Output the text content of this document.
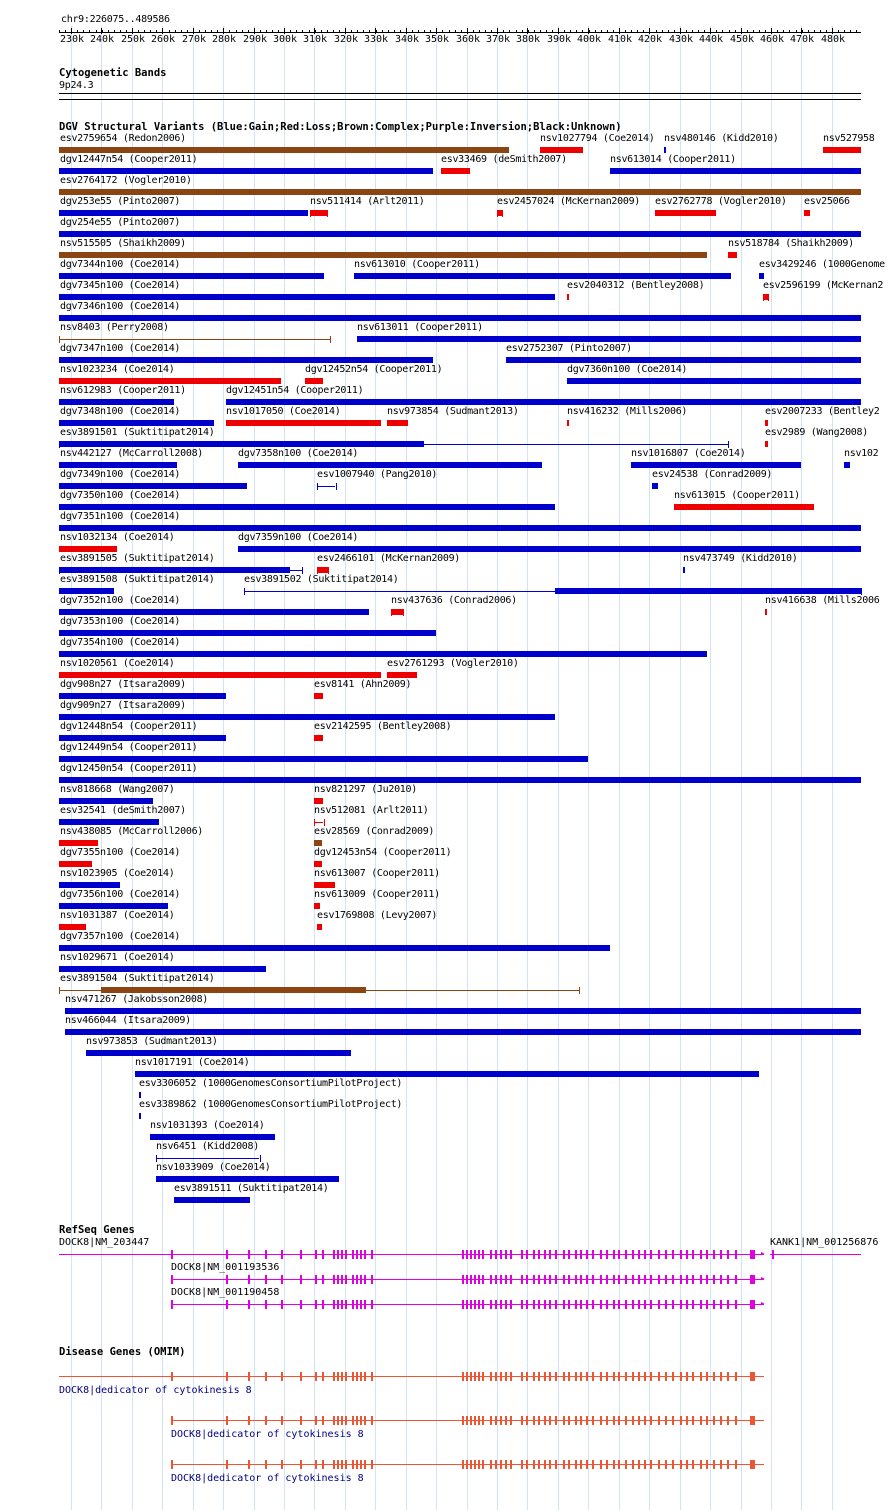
chr9:226075..489586
230k 240k 250k 260k 270k 280k 290k 300k 310k 320k 330k 340k 350k 360k 370k 380k 390k 400k 410k 420k 430k 440k 450k 460k 470k 480k
Cytogenetic Bands
9p24.3
DGV Structural Variants (Blue:Gain;Red:Loss;Brown:Complex;Purple:Inversion;Black:Unknown)
esv2759654 (Redon2006)	nsv1027794 (Coe2014) nsv480146 (Kidd2010)	nsv527958
dgv12447n54 (Cooper2011)	esv33469 (deSmith2007)	nsv613014 (Cooper2011)
esv2764172 (Vogler2010)
dgv253e55 (Pinto2007)	nsv511414 (Arlt2011)	esv2457024 (McKernan2009) esv2762778 (Vogler2010) esv25066
dgv254e55 (Pinto2007)
nsv515505 (Shaikh2009)	nsv518784 (Shaikh2009)
dgv7344n100 (Coe2014)	nsv613010 (Cooper2011)	esv3429246 (1000Genome
dgv7345n100 (Coe2014)	esv2040312 (Bentley2008)	esv2596199 (McKernan2
dgv7346n100 (Coe2014)
nsv8403 (Perry2008)	nsv613011 (Cooper2011)
dgv7347n100 (Coe2014)	esv2752307 (Pinto2007)
nsv1023234 (Coe2014)	dgv12452n54 (Cooper2011)	dgv7360n100 (Coe2014)
nsv612983 (Cooper2011)	dgv12451n54 (Cooper2011)
dgv7348n100 (Coe2014)	nsv1017050 (Coe2014)	nsv973854 (Sudmant2013)	nsv416232 (Mills2006)	esv2007233 (Bentley2
esv3891501 (Suktitipat2014)	esv2989 (Wang2008)
nsv442127 (McCarroll2008)	dgv7358n100 (Coe2014)	nsv1016807 (Coe2014)	nsv102
dgv7349n100 (Coe2014)	esv1007940 (Pang2010)	esv24538 (Conrad2009)
dgv7350n100 (Coe2014)	nsv613015 (Cooper2011)
dgv7351n100 (Coe2014)
nsv1032134 (Coe2014)	dgv7359n100 (Coe2014)
esv3891505 (Suktitipat2014)	esv2466101 (McKernan2009)	nsv473749 (Kidd2010)
esv3891508 (Suktitipat2014)	esv3891502 (Suktitipat2014)
dgv7352n100 (Coe2014)	nsv437636 (Conrad2006)	nsv416638 (Mills2006
dgv7353n100 (Coe2014)
dgv7354n100 (Coe2014)
nsv1020561 (Coe2014)	esv2761293 (Vogler2010)
dgv908n27 (Itsara2009)	esv8141 (Ahn2009)
dgv909n27 (Itsara2009)
dgv12448n54 (Cooper2011)	esv2142595 (Bentley2008)
dgv12449n54 (Cooper2011)
dgv12450n54 (Cooper2011)
nsv818668 (Wang2007)	nsv821297 (Ju2010)
esv32541 (deSmith2007)	nsv512081 (Arlt2011)
nsv438085 (McCarroll2006)	esv28569 (Conrad2009)
dgv7355n100 (Coe2014)	dgv12453n54 (Cooper2011)
nsv1023905 (Coe2014)	nsv613007 (Cooper2011)
dgv7356n100 (Coe2014)	nsv613009 (Cooper2011)
nsv1031387 (Coe2014)	esv1769808 (Levy2007)
dgv7357n100 (Coe2014)
nsv1029671 (Coe2014)
esv3891504 (Suktitipat2014)
nsv471267 (Jakobsson2008)
nsv466044 (Itsara2009)
nsv973853 (Sudmant2013)
nsv1017191 (Coe2014)
esv3306052 (1000GenomesConsortiumPilotProject)
esv3389862 (1000GenomesConsortiumPilotProject)
nsv1031393 (Coe2014)
nsv6451 (Kidd2008)
nsv1033909 (Coe2014)
esv3891511 (Suktitipat2014)
RefSeq Genes
DOCK8|NM_203447
▸
KANK1|NM_001256876
DOCK8|NM_001193536
▸
DOCK8|NM_001190458
▸
Disease Genes (OMIM)
DOCK8|dedicator of cytokinesis 8
DOCK8|dedicator of cytokinesis 8
DOCK8|dedicator of cytokinesis 8
